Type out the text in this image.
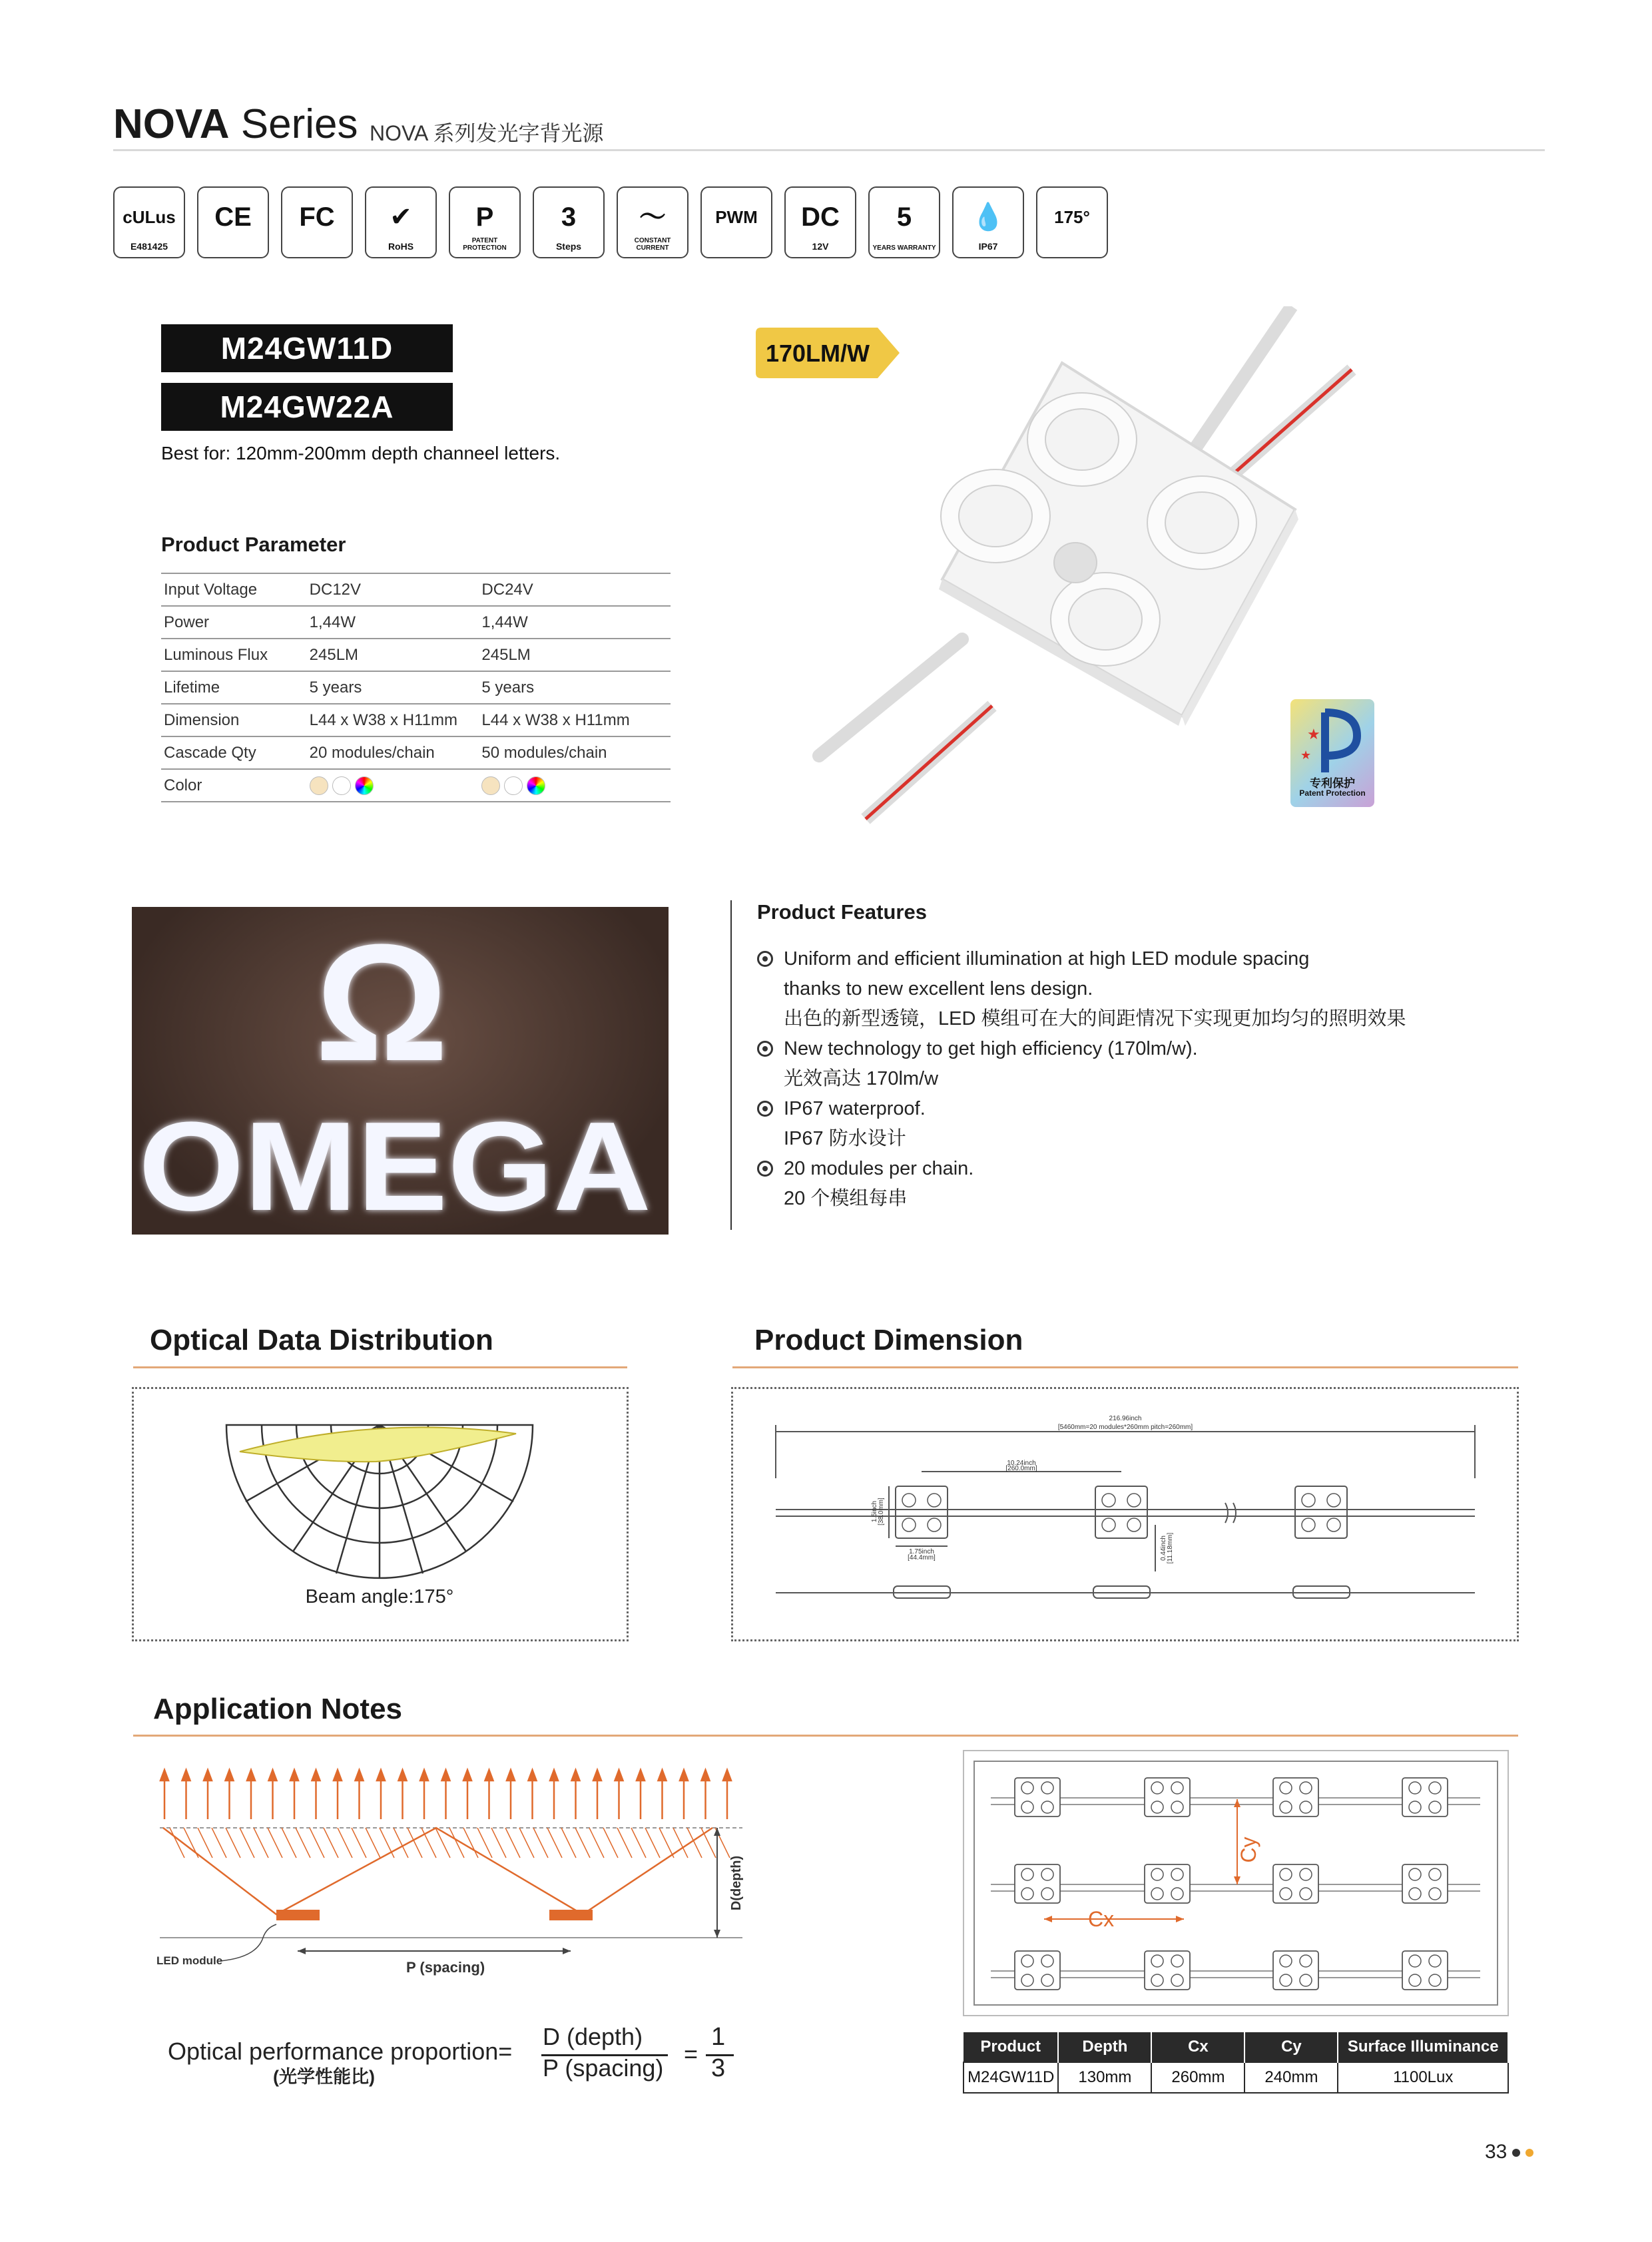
NOVA Series NOVA 系列发光字背光源
cULus
E481425
CE	FC	✔
RoHS
P
PATENT PROTECTION
3
Steps
〜
CONSTANT CURRENT
PWM	DC
12V
5
YEARS WARRANTY
💧
IP67
175°
M24GW11D
M24GW22A
Best for: 120mm-200mm depth channeel letters.
170LM/W
★
★
专利保护
Patent Protection
Product Parameter
Input Voltage	DC12V	DC24V
Power	1,44W	1,44W
Luminous Flux	245LM	245LM
Lifetime	5 years	5 years
Dimension	L44 x W38 x H11mm	L44 x W38 x H11mm
Cascade Qty	20 modules/chain	50 modules/chain
Color		
Ω
OMEGA
Product Features
Uniform and efficient illumination at high LED module spacing
thanks to new excellent lens design.
出色的新型透镜，LED 模组可在大的间距情况下实现更加均匀的照明效果
New technology to get high efficiency (170lm/w).
光效高达 170lm/w
IP67 waterproof.
IP67 防水设计
20 modules per chain.
20 个模组每串
Optical Data Distribution
Beam angle:175°
Product Dimension
216.96inch
[5460mm=20 modules*260mm pitch=260mm]
10.24inch
[260.0mm]
1.75inch
[44.4mm]
1.5inch [38.0mm]
0.44inch [11.18mm]
Application Notes
LED module	P (spacing)
D(depth)
Optical performance proportion=
(光学性能比)
D (depth)
P (spacing)
=
1
3
Cx
Cy
Product	Depth	Cx	Cy	Surface Illuminance
M24GW11D	130mm	260mm	240mm	1100Lux
33
